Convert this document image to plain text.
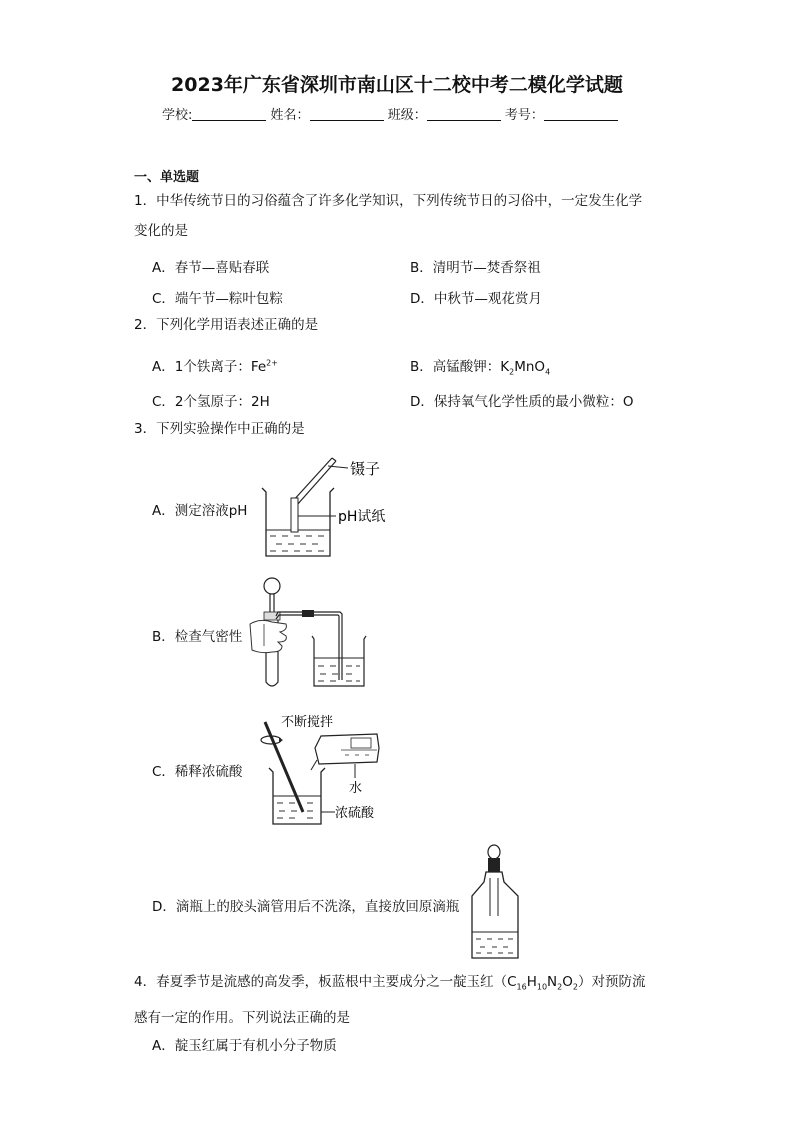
2023年广东省深圳市南山区十二校中考二模化学试题
学校:	姓名：	班级：	考号：
一、单选题
1．中华传统节日的习俗蕴含了许多化学知识，下列传统节日的习俗中，一定发生化学
变化的是
A．春节—喜贴春联	B．清明节—焚香祭祖
C．端午节—粽叶包粽	D．中秋节—观花赏月
2．下列化学用语表述正确的是
A．1个铁离子：$Fe^{2+}$	B．高锰酸钾：$K_2MnO_4$
C．2个氢原子：2H	D．保持氧气化学性质的最小微粒：O
3．下列实验操作中正确的是
A．测定溶液pH
镊子
pH试纸
B．检查气密性
C．稀释浓硫酸
不断搅拌
水
浓硫酸
D．滴瓶上的胶头滴管用后不洗涤，直接放回原滴瓶
4．春夏季节是流感的高发季，板蓝根中主要成分之一靛玉红$(C_{16}H_{10}N_2O_2)$对预防流
感有一定的作用。下列说法正确的是
A．靛玉红属于有机小分子物质
